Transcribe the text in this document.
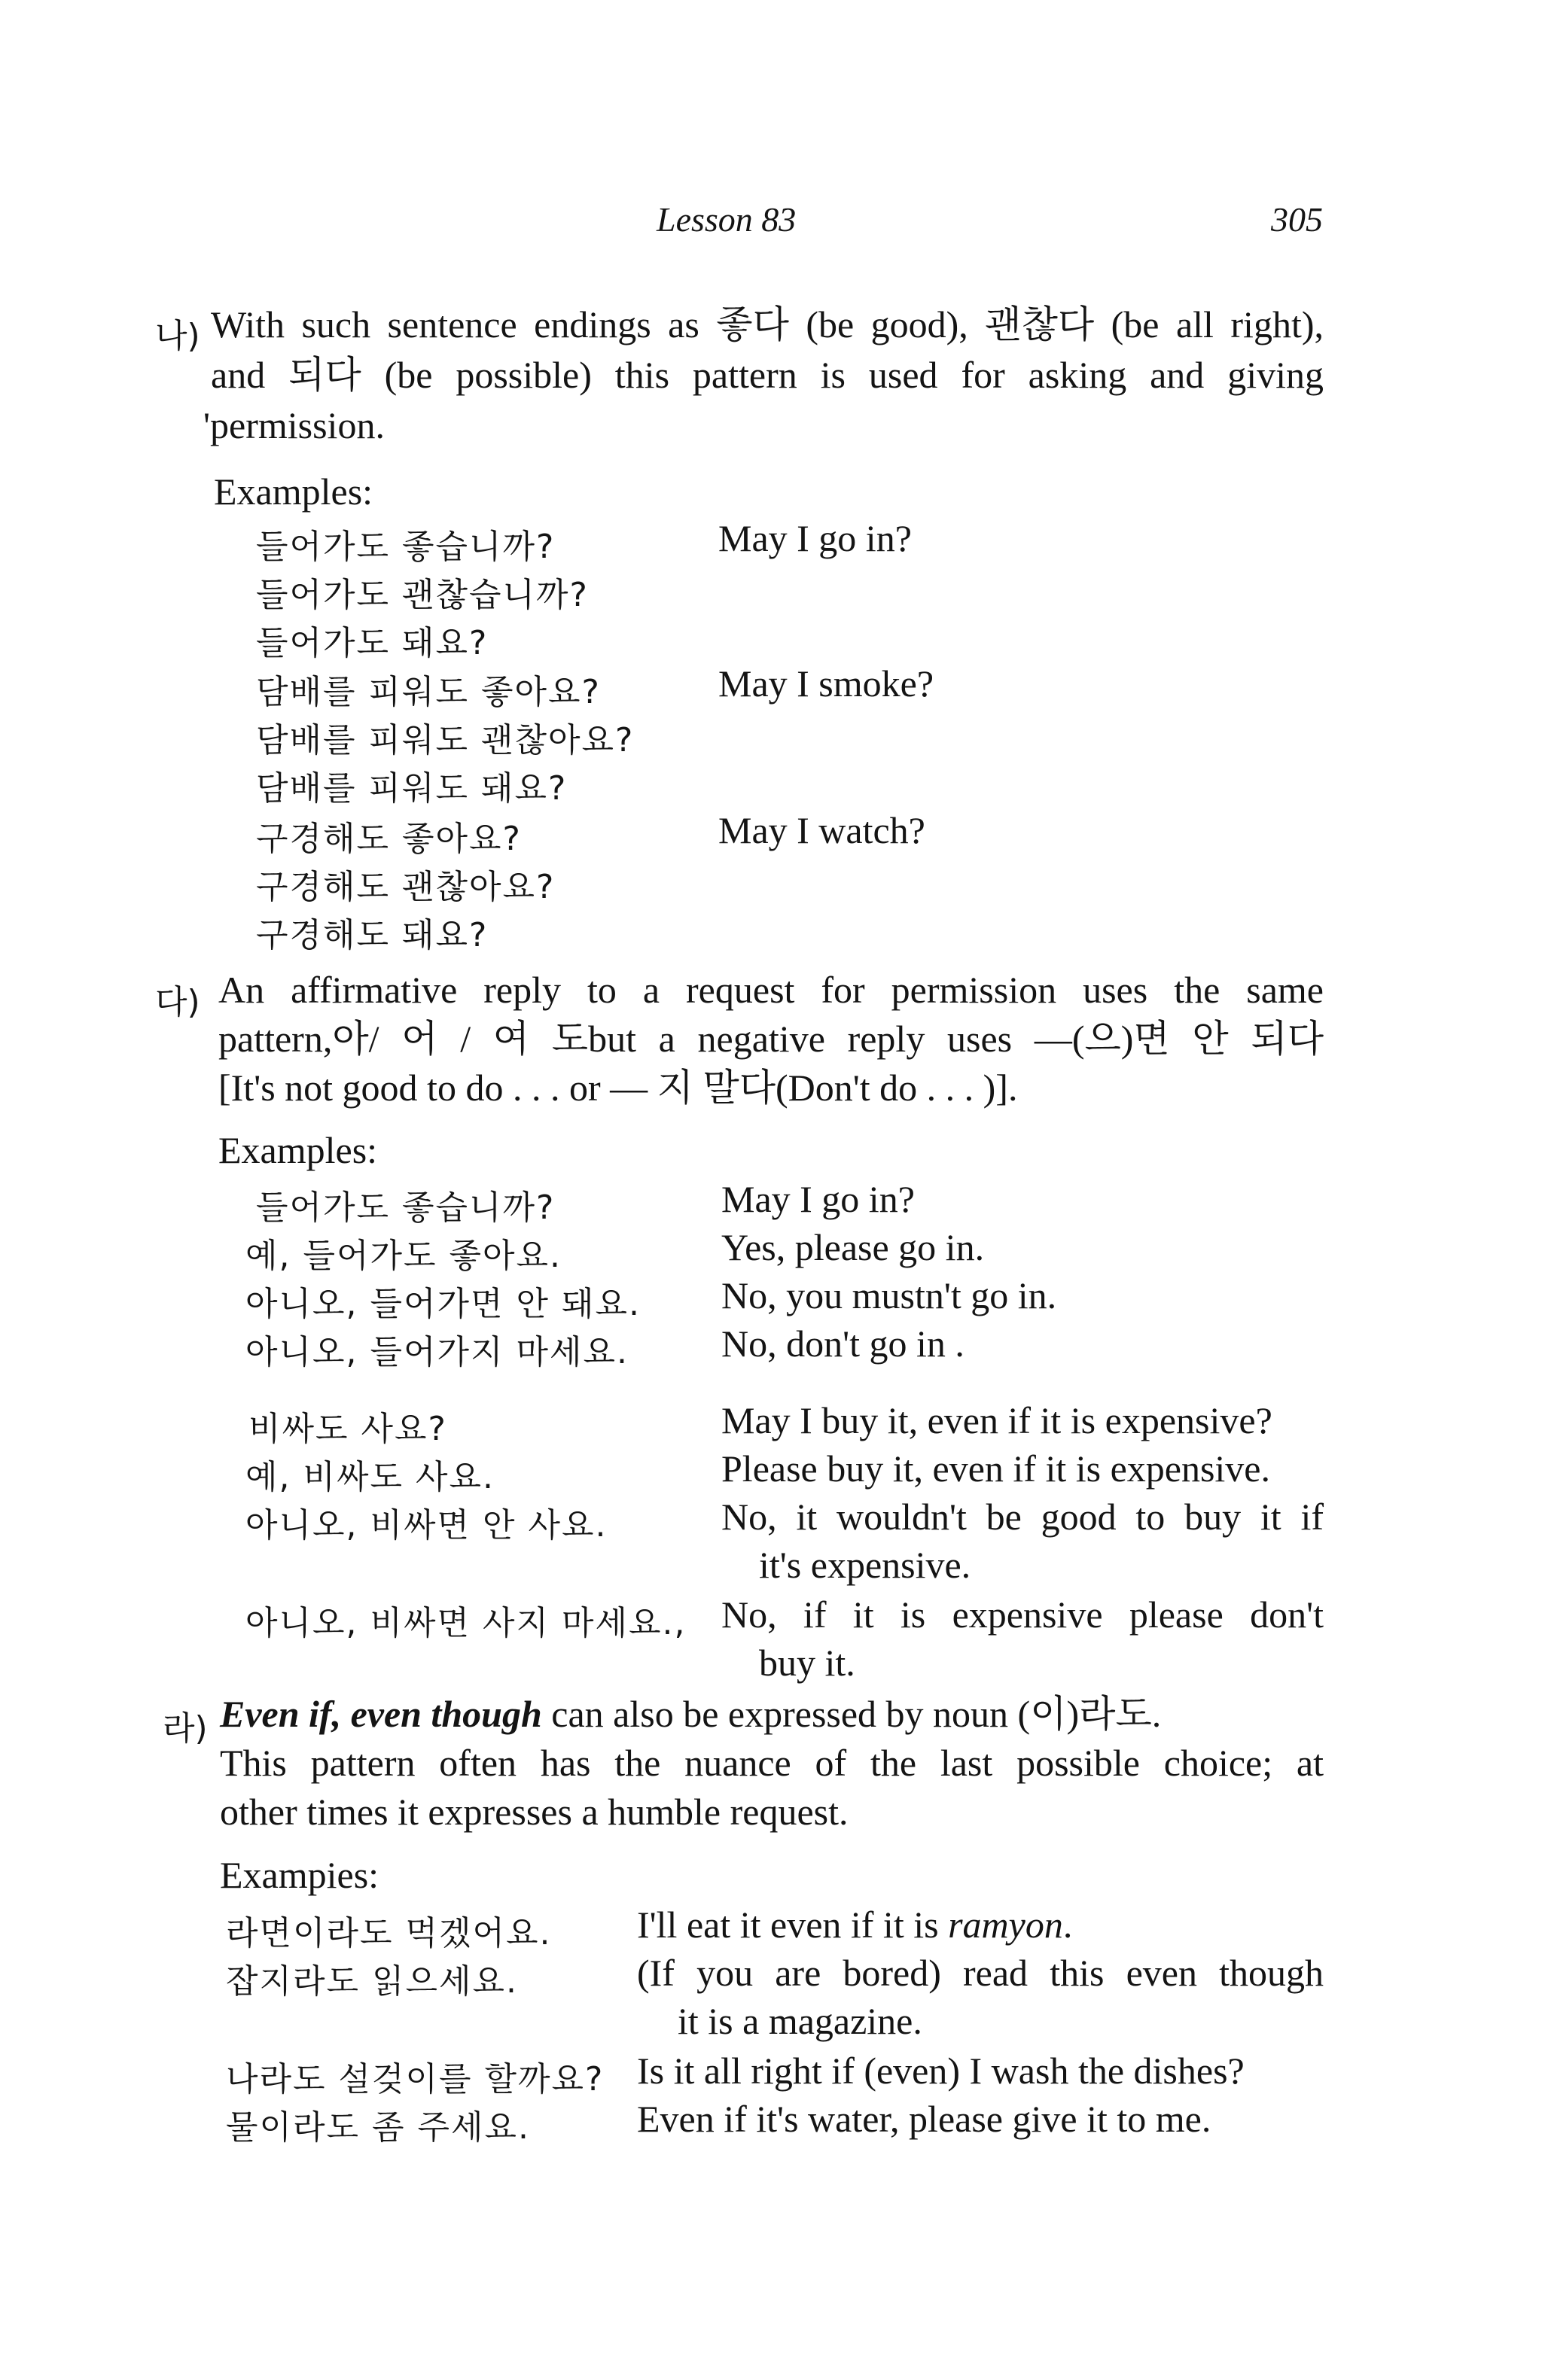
Lesson 83	305
나) With such sentence endings as 좋다 (be good), 괜찮다 (be all right),
and 되다 (be possible) this pattern is used for asking and giving
'permission.
Examples:
들어가도 좋습니까?
들어가도 괜찮습니까?
들어가도 돼요?
담배를 피워도 좋아요?
담배를 피워도 괜찮아요?
담배를 피워도 돼요?
구경해도 좋아요?
구경해도 괜찮아요?
구경해도 돼요?
May I go in?
May I smoke?
May I watch?
다) An affirmative reply to a request for permission uses the same
pattern,아/ 어 / 여 도but a negative reply uses —(으)면 안 되다
[It's not good to do . . . or — 지 말다(Don't do . . . )].
Examples:
들어가도 좋습니까?
예, 들어가도 좋아요.
아니오, 들어가면 안 돼요.
아니오, 들어가지 마세요.
비싸도 사요?
예, 비싸도 사요.
아니오, 비싸면 안 사요.
아니오, 비싸면 사지 마세요.,
May I go in?
Yes, please go in.
No, you mustn't go in.
No, don't go in .
May I buy it, even if it is expensive?
Please buy it, even if it is expensive.
No, it wouldn't be good to buy it if
it's expensive.
No, if it is expensive please don't
buy it.
라) Even if, even though can also be expressed by noun (이)라도.
This pattern often has the nuance of the last possible choice; at
other times it expresses a humble request.
Exampies:
라면이라도 먹겠어요.
잡지라도 읽으세요.
나라도 설겆이를 할까요?
물이라도 좀 주세요.
I'll eat it even if it is ramyon.
(If you are bored) read this even though
it is a magazine.
Is it all right if (even) I wash the dishes?
Even if it's water, please give it to me.
